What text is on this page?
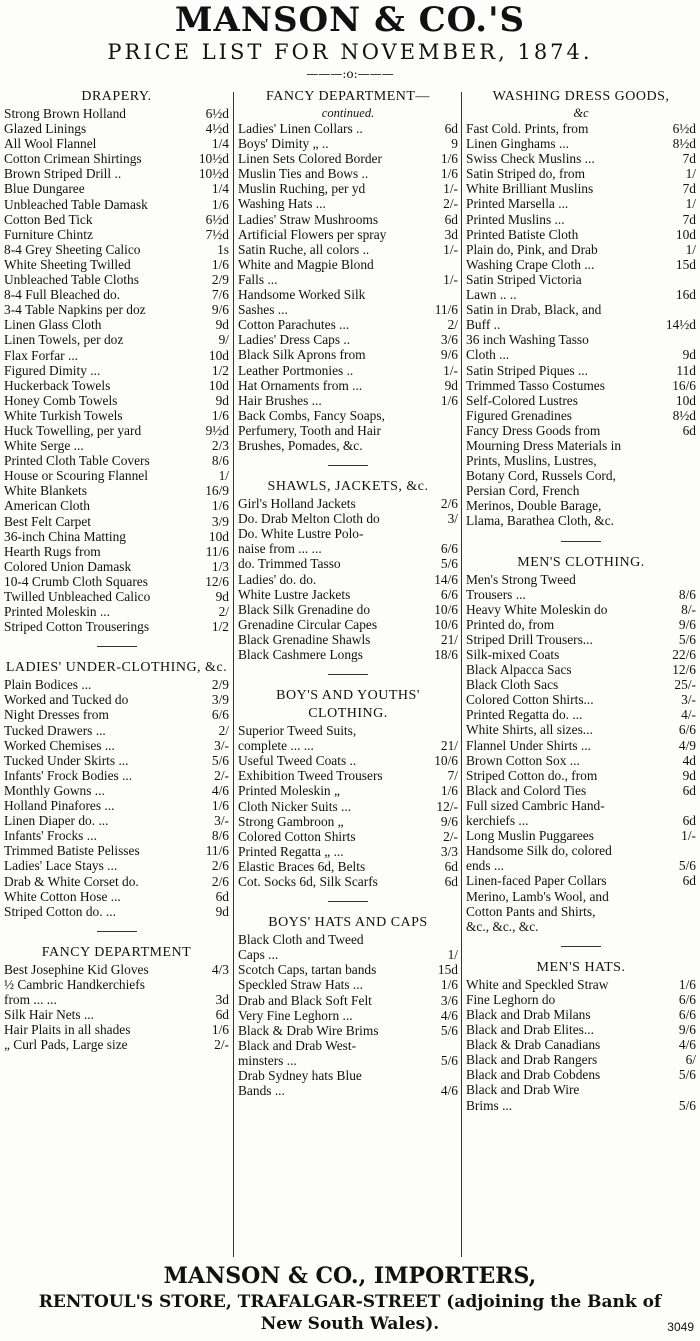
MANSON & CO.'S
PRICE LIST FOR NOVEMBER, 1874.
———:o:———
DRAPERY.
Strong Brown Holland	6½d
Glazed Linings	4½d
All Wool Flannel	1/4
Cotton Crimean Shirtings	10½d
Brown Striped Drill ..	10½d
Blue Dungaree	1/4
Unbleached Table Damask	1/6
Cotton Bed Tick	6½d
Furniture Chintz	7½d
8-4 Grey Sheeting Calico	1s
White Sheeting Twilled	1/6
Unbleached Table Cloths	2/9
8-4 Full Bleached do.	7/6
3-4 Table Napkins per doz	9/6
Linen Glass Cloth	9d
Linen Towels, per doz	9/
Flax Forfar ...	10d
Figured Dimity ...	1/2
Huckerback Towels	10d
Honey Comb Towels	9d
White Turkish Towels	1/6
Huck Towelling, per yard	9½d
White Serge ...	2/3
Printed Cloth Table Covers	8/6
House or Scouring Flannel	1/
White Blankets	16/9
American Cloth	1/6
Best Felt Carpet	3/9
36-inch China Matting	10d
Hearth Rugs from	11/6
Colored Union Damask	1/3
10-4 Crumb Cloth Squares	12/6
Twilled Unbleached Calico	9d
Printed Moleskin ...	2/
Striped Cotton Trouserings	1/2
LADIES' UNDER-CLOTHING, &c.
Plain Bodices ...	2/9
Worked and Tucked do	3/9
Night Dresses from	6/6
Tucked Drawers ...	2/
Worked Chemises ...	3/-
Tucked Under Skirts ...	5/6
Infants' Frock Bodies ...	2/-
Monthly Gowns ...	4/6
Holland Pinafores ...	1/6
Linen Diaper do. ...	3/-
Infants' Frocks ...	8/6
Trimmed Batiste Pelisses	11/6
Ladies' Lace Stays ...	2/6
Drab & White Corset do.	2/6
White Cotton Hose ...	6d
Striped Cotton do. ...	9d
FANCY DEPARTMENT
Best Josephine Kid Gloves	4/3
½ Cambric Handkerchiefs
from ... ...	3d
Silk Hair Nets ...	6d
Hair Plaits in all shades	1/6
„ Curl Pads, Large size	2/-
FANCY DEPARTMENT—
continued.
Ladies' Linen Collars ..	6d
Boys' Dimity „ ..	9
Linen Sets Colored Border	1/6
Muslin Ties and Bows ..	1/6
Muslin Ruching, per yd	1/-
Washing Hats ...	2/-
Ladies' Straw Mushrooms	6d
Artificial Flowers per spray	3d
Satin Ruche, all colors ..	1/-
White and Magpie Blond
Falls ...	1/-
Handsome Worked Silk
Sashes ...	11/6
Cotton Parachutes ...	2/
Ladies' Dress Caps ..	3/6
Black Silk Aprons from	9/6
Leather Portmonies ..	1/-
Hat Ornaments from ...	9d
Hair Brushes ...	1/6
Back Combs, Fancy Soaps,
Perfumery, Tooth and Hair
Brushes, Pomades, &c.
SHAWLS, JACKETS, &c.
Girl's Holland Jackets	2/6
Do. Drab Melton Cloth do	3/
Do. White Lustre Polo-
naise from ... ...	6/6
do. Trimmed Tasso	5/6
Ladies' do. do.	14/6
White Lustre Jackets	6/6
Black Silk Grenadine do	10/6
Grenadine Circular Capes	10/6
Black Grenadine Shawls	21/
Black Cashmere Longs	18/6
BOY'S AND YOUTHS' CLOTHING.
Superior Tweed Suits,
complete ... ...	21/
Useful Tweed Coats ..	10/6
Exhibition Tweed Trousers	7/
Printed Moleskin „	1/6
Cloth Nicker Suits ...	12/-
Strong Gambroon „	9/6
Colored Cotton Shirts	2/-
Printed Regatta „ ...	3/3
Elastic Braces 6d, Belts	6d
Cot. Socks 6d, Silk Scarfs	6d
BOYS' HATS AND CAPS
Black Cloth and Tweed
Caps ...	1/
Scotch Caps, tartan bands	15d
Speckled Straw Hats ...	1/6
Drab and Black Soft Felt	3/6
Very Fine Leghorn ...	4/6
Black & Drab Wire Brims	5/6
Black and Drab West-
minsters ...	5/6
Drab Sydney hats Blue
Bands ...	4/6
WASHING DRESS GOODS,
&c
Fast Cold. Prints, from	6½d
Linen Ginghams ...	8½d
Swiss Check Muslins ...	7d
Satin Striped do, from	1/
White Brilliant Muslins	7d
Printed Marsella ...	1/
Printed Muslins ...	7d
Printed Batiste Cloth	10d
Plain do, Pink, and Drab	1/
Washing Crape Cloth ...	15d
Satin Striped Victoria
Lawn .. ..	16d
Satin in Drab, Black, and
Buff ..	14½d
36 inch Washing Tasso
Cloth ...	9d
Satin Striped Piques ...	11d
Trimmed Tasso Costumes	16/6
Self-Colored Lustres	10d
Figured Grenadines	8½d
Fancy Dress Goods from	6d
Mourning Dress Materials in
Prints, Muslins, Lustres,
Botany Cord, Russels Cord,
Persian Cord, French
Merinos, Double Barage,
Llama, Barathea Cloth, &c.
MEN'S CLOTHING.
Men's Strong Tweed
Trousers ...	8/6
Heavy White Moleskin do	8/-
Printed do, from	9/6
Striped Drill Trousers...	5/6
Silk-mixed Coats	22/6
Black Alpacca Sacs	12/6
Black Cloth Sacs	25/-
Colored Cotton Shirts...	3/-
Printed Regatta do. ...	4/-
White Shirts, all sizes...	6/6
Flannel Under Shirts ...	4/9
Brown Cotton Sox ...	4d
Striped Cotton do., from	9d
Black and Colord Ties	6d
Full sized Cambric Hand-
kerchiefs ...	6d
Long Muslin Puggarees	1/-
Handsome Silk do, colored
ends ...	5/6
Linen-faced Paper Collars	6d
Merino, Lamb's Wool, and
Cotton Pants and Shirts,
&c., &c., &c.
MEN'S HATS.
White and Speckled Straw	1/6
Fine Leghorn do	6/6
Black and Drab Milans	6/6
Black and Drab Elites...	9/6
Black & Drab Canadians	4/6
Black and Drab Rangers	6/
Black and Drab Cobdens	5/6
Black and Drab Wire
Brims ...	5/6
MANSON & CO., IMPORTERS,
RENTOUL'S STORE, TRAFALGAR-STREET (adjoining the Bank of
New South Wales).	3049
